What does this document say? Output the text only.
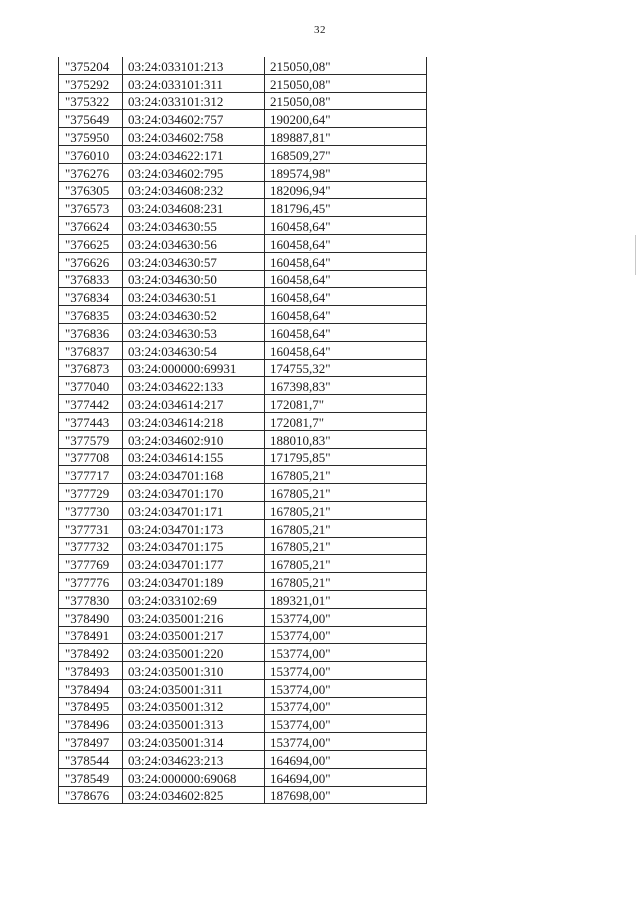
32
"375204	03:24:033101:213	215050,08"
"375292	03:24:033101:311	215050,08"
"375322	03:24:033101:312	215050,08"
"375649	03:24:034602:757	190200,64"
"375950	03:24:034602:758	189887,81"
"376010	03:24:034622:171	168509,27"
"376276	03:24:034602:795	189574,98"
"376305	03:24:034608:232	182096,94"
"376573	03:24:034608:231	181796,45"
"376624	03:24:034630:55	160458,64"
"376625	03:24:034630:56	160458,64"
"376626	03:24:034630:57	160458,64"
"376833	03:24:034630:50	160458,64"
"376834	03:24:034630:51	160458,64"
"376835	03:24:034630:52	160458,64"
"376836	03:24:034630:53	160458,64"
"376837	03:24:034630:54	160458,64"
"376873	03:24:000000:69931	174755,32"
"377040	03:24:034622:133	167398,83"
"377442	03:24:034614:217	172081,7"
"377443	03:24:034614:218	172081,7"
"377579	03:24:034602:910	188010,83"
"377708	03:24:034614:155	171795,85"
"377717	03:24:034701:168	167805,21"
"377729	03:24:034701:170	167805,21"
"377730	03:24:034701:171	167805,21"
"377731	03:24:034701:173	167805,21"
"377732	03:24:034701:175	167805,21"
"377769	03:24:034701:177	167805,21"
"377776	03:24:034701:189	167805,21"
"377830	03:24:033102:69	189321,01"
"378490	03:24:035001:216	153774,00"
"378491	03:24:035001:217	153774,00"
"378492	03:24:035001:220	153774,00"
"378493	03:24:035001:310	153774,00"
"378494	03:24:035001:311	153774,00"
"378495	03:24:035001:312	153774,00"
"378496	03:24:035001:313	153774,00"
"378497	03:24:035001:314	153774,00"
"378544	03:24:034623:213	164694,00"
"378549	03:24:000000:69068	164694,00"
"378676	03:24:034602:825	187698,00"
